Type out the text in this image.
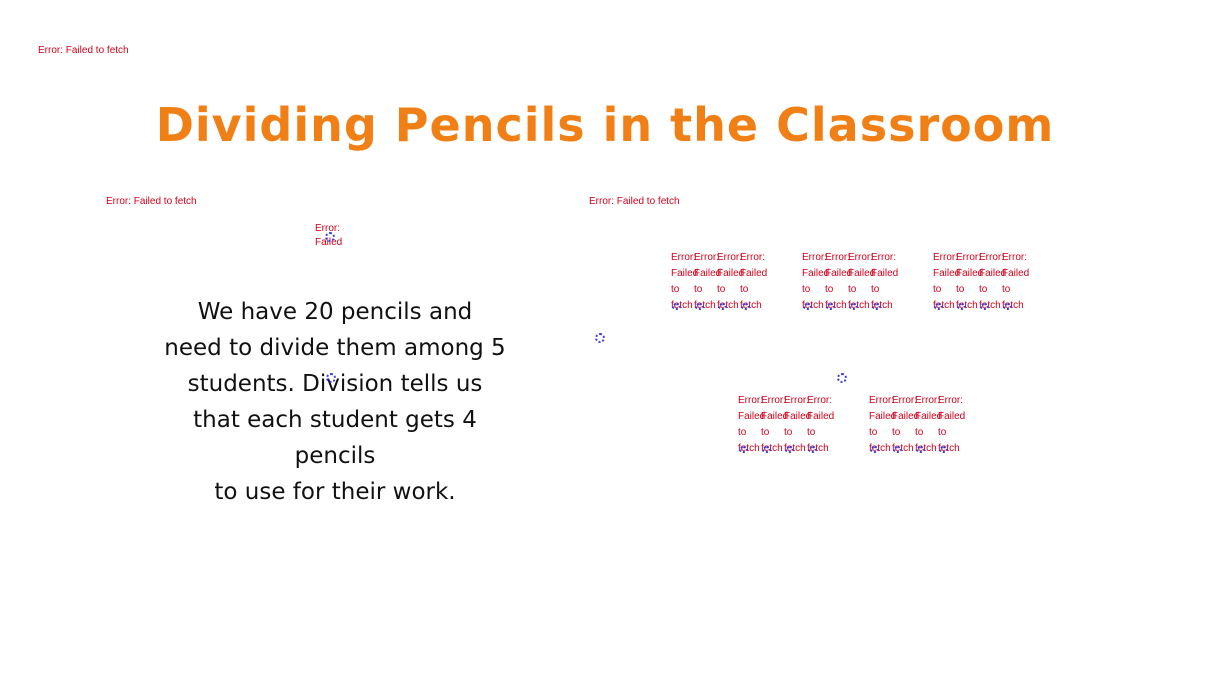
Error: Failed to fetch
Dividing Pencils in the Classroom
Error: Failed to fetch	Error: Failed to fetch
Error:
Failed
We have 20 pencils and
need to divide them among 5
students. Division tells us
that each student gets 4
pencils
to use for their work.
Error:
Failed
to
fetch
Error:
Failed
to
fetch
Error:
Failed
to
fetch
Error:
Failed
to
fetch
Error:
Failed
to
fetch
Error:
Failed
to
fetch
Error:
Failed
to
fetch
Error:
Failed
to
fetch
Error:
Failed
to
fetch
Error:
Failed
to
fetch
Error:
Failed
to
fetch
Error:
Failed
to
fetch
Error:
Failed
to
fetch
Error:
Failed
to
fetch
Error:
Failed
to
fetch
Error:
Failed
to
fetch
Error:
Failed
to
fetch
Error:
Failed
to
fetch
Error:
Failed
to
fetch
Error:
Failed
to
fetch
